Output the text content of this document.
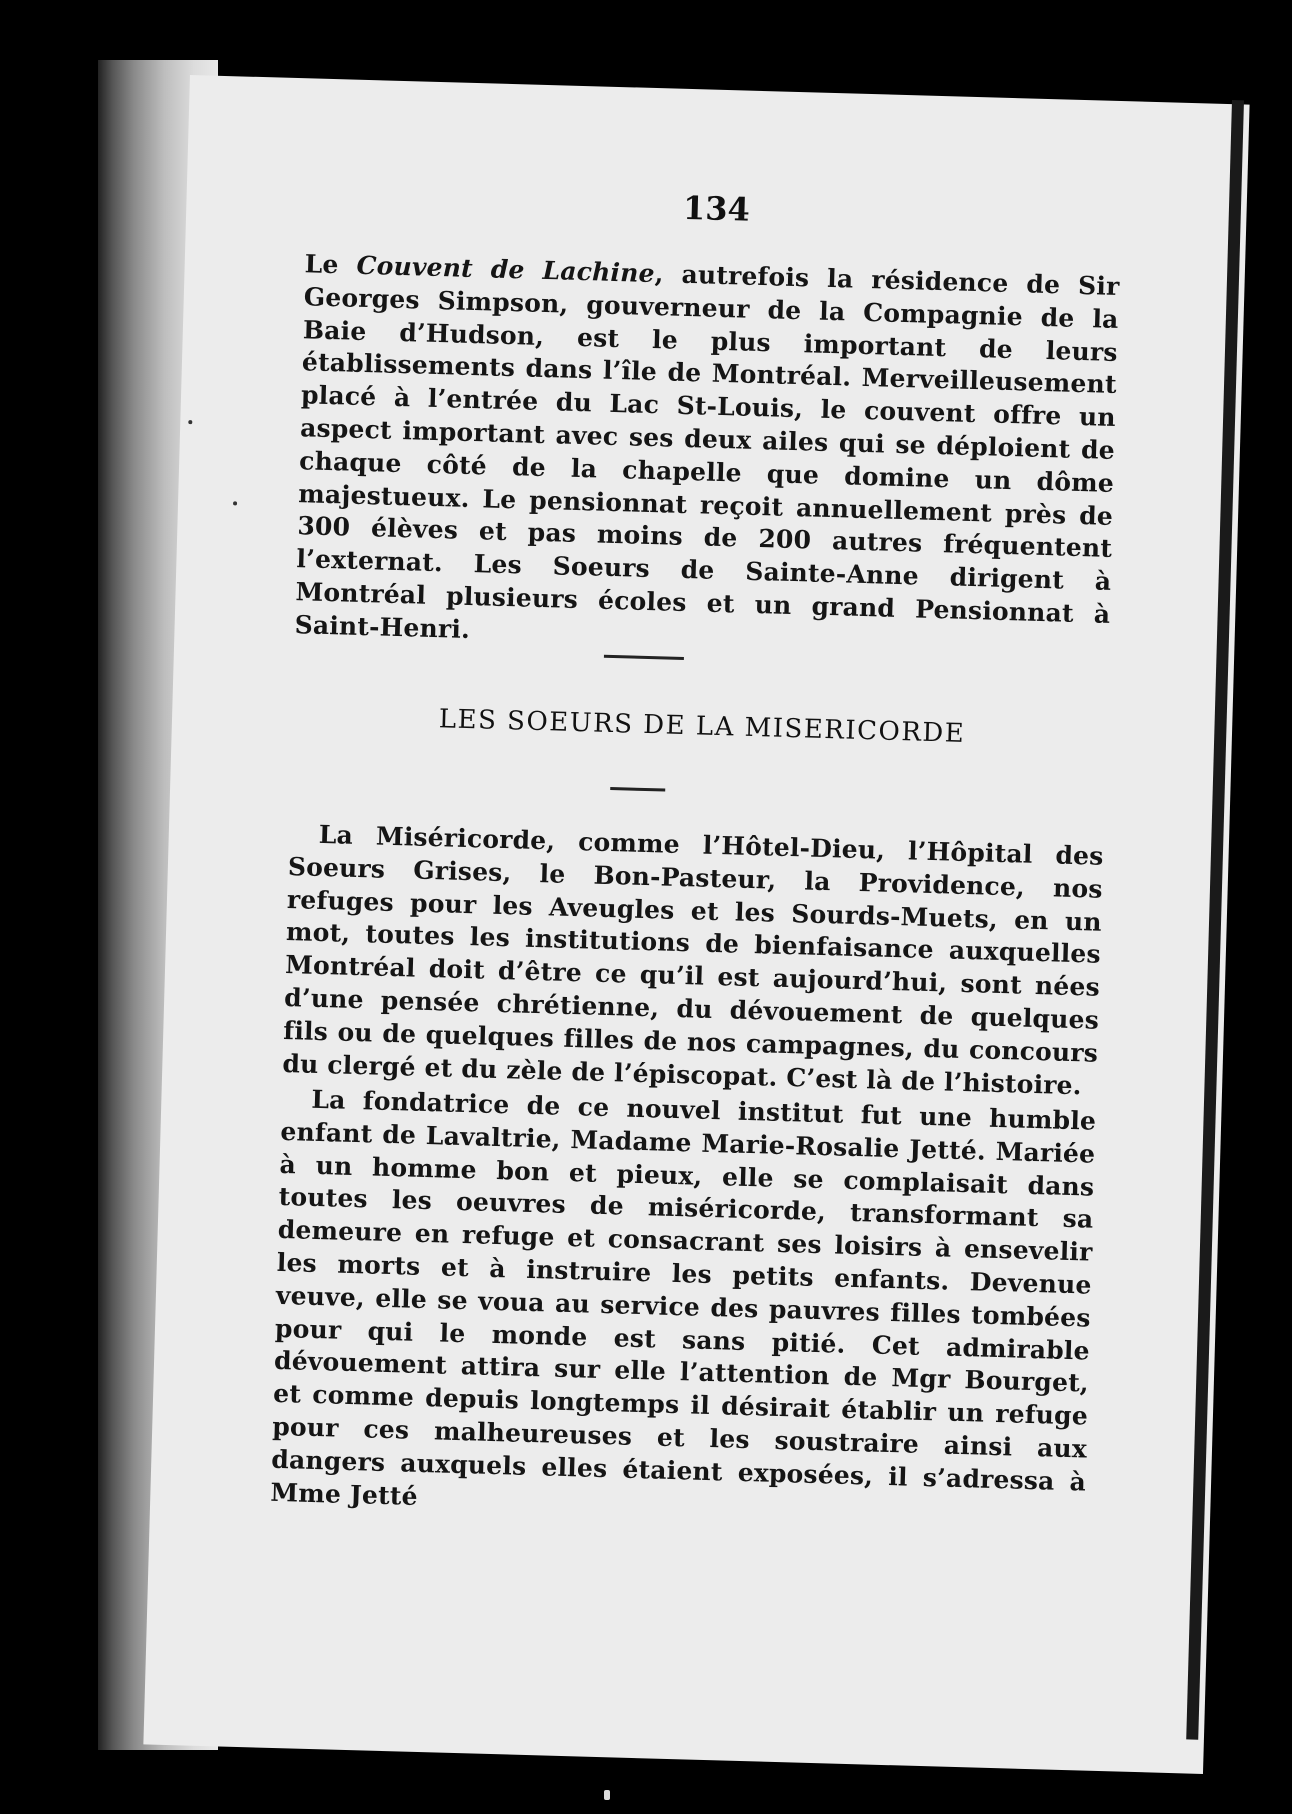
134
Le Couvent de Lachine, autrefois la résidence de Sir Georges Simpson, gouverneur de la Compagnie de la Baie d’Hudson, est le plus important de leurs établissements dans l’île de Montréal. Merveilleusement placé à l’entrée du Lac St-Louis, le couvent offre un aspect important avec ses deux ailes qui se déploient de chaque côté de la chapelle que domine un dôme majestueux. Le pensionnat reçoit annuellement près de 300 élèves et pas moins de 200 autres fréquentent l’externat. Les Soeurs de Sainte-Anne dirigent à Montréal plusieurs écoles et un grand Pensionnat à Saint-Henri.
LES SOEURS DE LA MISERICORDE
La Miséricorde, comme l’Hôtel-Dieu, l’Hôpital des Soeurs Grises, le Bon-Pasteur, la Providence, nos refuges pour les Aveugles et les Sourds-Muets, en un mot, toutes les institutions de bienfaisance auxquelles Montréal doit d’être ce qu’il est aujourd’hui, sont nées d’une pensée chrétienne, du dévouement de quelques fils ou de quelques filles de nos campagnes, du concours du clergé et du zèle de l’épiscopat. C’est là de l’histoire.
La fondatrice de ce nouvel institut fut une humble enfant de Lavaltrie, Madame Marie-Rosalie Jetté. Mariée à un homme bon et pieux, elle se complaisait dans toutes les oeuvres de miséricorde, transformant sa demeure en refuge et consacrant ses loisirs à ensevelir les morts et à instruire les petits enfants. Devenue veuve, elle se voua au service des pauvres filles tombées pour qui le monde est sans pitié. Cet admirable dévouement attira sur elle l’attention de Mgr Bourget, et comme depuis longtemps il désirait établir un refuge pour ces malheureuses et les soustraire ainsi aux dangers auxquels elles étaient exposées, il s’adressa à Mme Jetté
